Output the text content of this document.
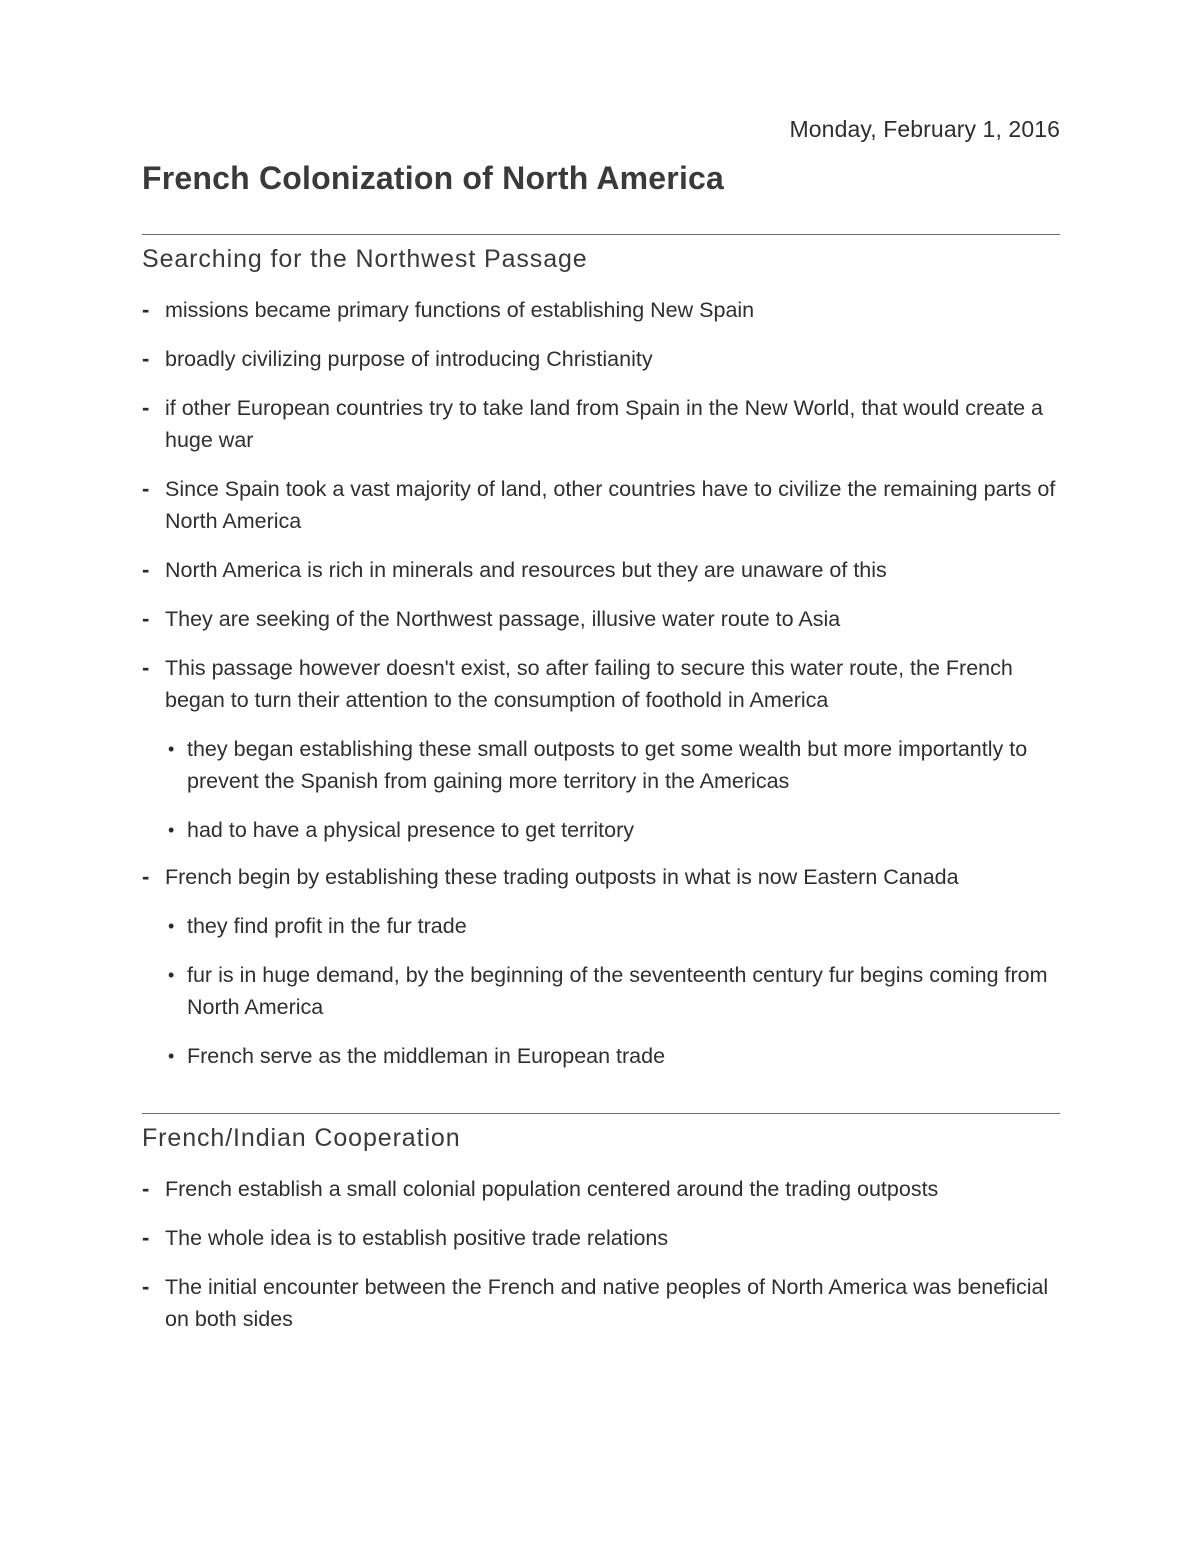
Monday, February 1, 2016
French Colonization of North America
Searching for the Northwest Passage
- missions became primary functions of establishing New Spain
- broadly civilizing purpose of introducing Christianity
- if other European countries try to take land from Spain in the New World, that would create a huge war
- Since Spain took a vast majority of land, other countries have to civilize the remaining parts of North America
- North America is rich in minerals and resources but they are unaware of this
- They are seeking of the Northwest passage, illusive water route to Asia
- This passage however doesn't exist, so after failing to secure this water route, the French began to turn their attention to the consumption of foothold in America
• they began establishing these small outposts to get some wealth but more importantly to prevent the Spanish from gaining more territory in the Americas
• had to have a physical presence to get territory
- French begin by establishing these trading outposts in what is now Eastern Canada
• they find profit in the fur trade
• fur is in huge demand, by the beginning of the seventeenth century fur begins coming from North America
• French serve as the middleman in European trade
French/Indian Cooperation
- French establish a small colonial population centered around the trading outposts
- The whole idea is to establish positive trade relations
- The initial encounter between the French and native peoples of North America was beneficial on both sides
